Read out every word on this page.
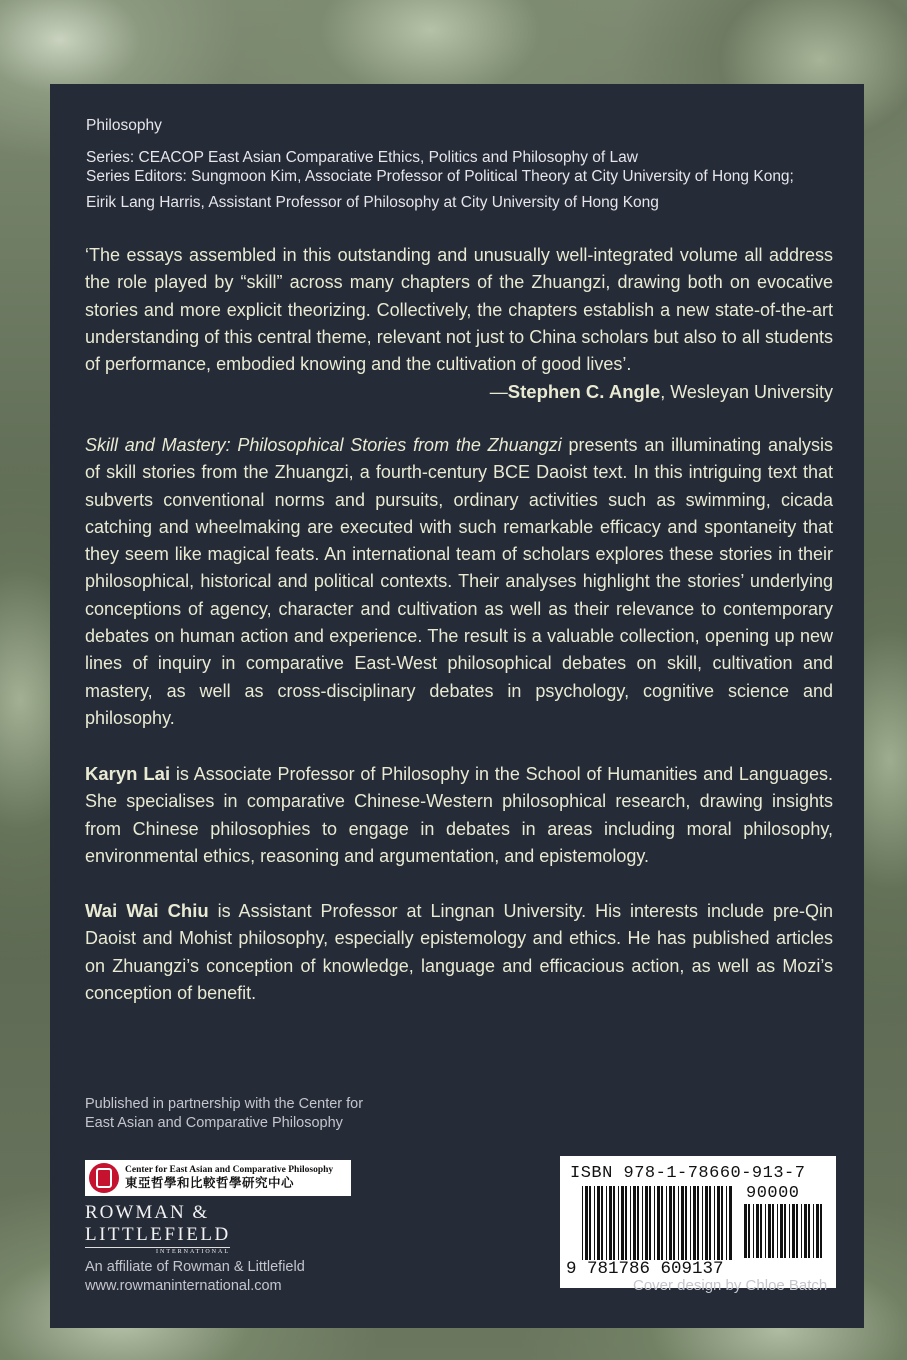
Philosophy

Series: CEACOP East Asian Comparative Ethics, Politics and Philosophy of Law

Series Editors: Sungmoon Kim, Associate Professor of Political Theory at City University of Hong Kong;

Eirik Lang Harris, Assistant Professor of Philosophy at City University of Hong Kong

‘The essays assembled in this outstanding and unusually well-integrated volume all address the role played by “skill” across many chapters of the Zhuangzi, drawing both on evocative stories and more explicit theorizing. Collectively, the chapters establish a new state-of-the-art understanding of this central theme, relevant not just to China scholars but also to all students of performance, embodied knowing and the cultivation of good lives’.

—Stephen C. Angle, Wesleyan University

Skill and Mastery: Philosophical Stories from the Zhuangzi presents an illuminating analysis of skill stories from the Zhuangzi, a fourth-century BCE Daoist text. In this intriguing text that subverts conventional norms and pursuits, ordinary activities such as swimming, cicada catching and wheelmaking are executed with such remarkable efficacy and spontaneity that they seem like magical feats. An international team of scholars explores these stories in their philosophical, historical and political contexts. Their analyses highlight the stories’ underlying conceptions of agency, character and cultivation as well as their relevance to contemporary debates on human action and experience. The result is a valuable collection, opening up new lines of inquiry in comparative East-West philosophical debates on skill, cultivation and mastery, as well as cross-disciplinary debates in psychology, cognitive science and philosophy.

Karyn Lai is Associate Professor of Philosophy in the School of Humanities and Languages. She specialises in comparative Chinese-Western philosophical research, drawing insights from Chinese philosophies to engage in debates in areas including moral philosophy, environmental ethics, reasoning and argumentation, and epistemology.

Wai Wai Chiu is Assistant Professor at Lingnan University. His interests include pre-Qin Daoist and Mohist philosophy, especially epistemology and ethics. He has published articles on Zhuangzi’s conception of knowledge, language and efficacious action, as well as Mozi’s conception of benefit.

Published in partnership with the Center for

East Asian and Comparative Philosophy

Center for East Asian and Comparative Philosophy
東亞哲學和比較哲學研究中心
ROWMAN &
LITTLEFIELD
INTERNATIONAL

An affiliate of Rowman & Littlefield

www.rowmaninternational.com

ISBN 978-1-78660-913-7
90000
9 781786 609137
Cover design by Chloe Batch
